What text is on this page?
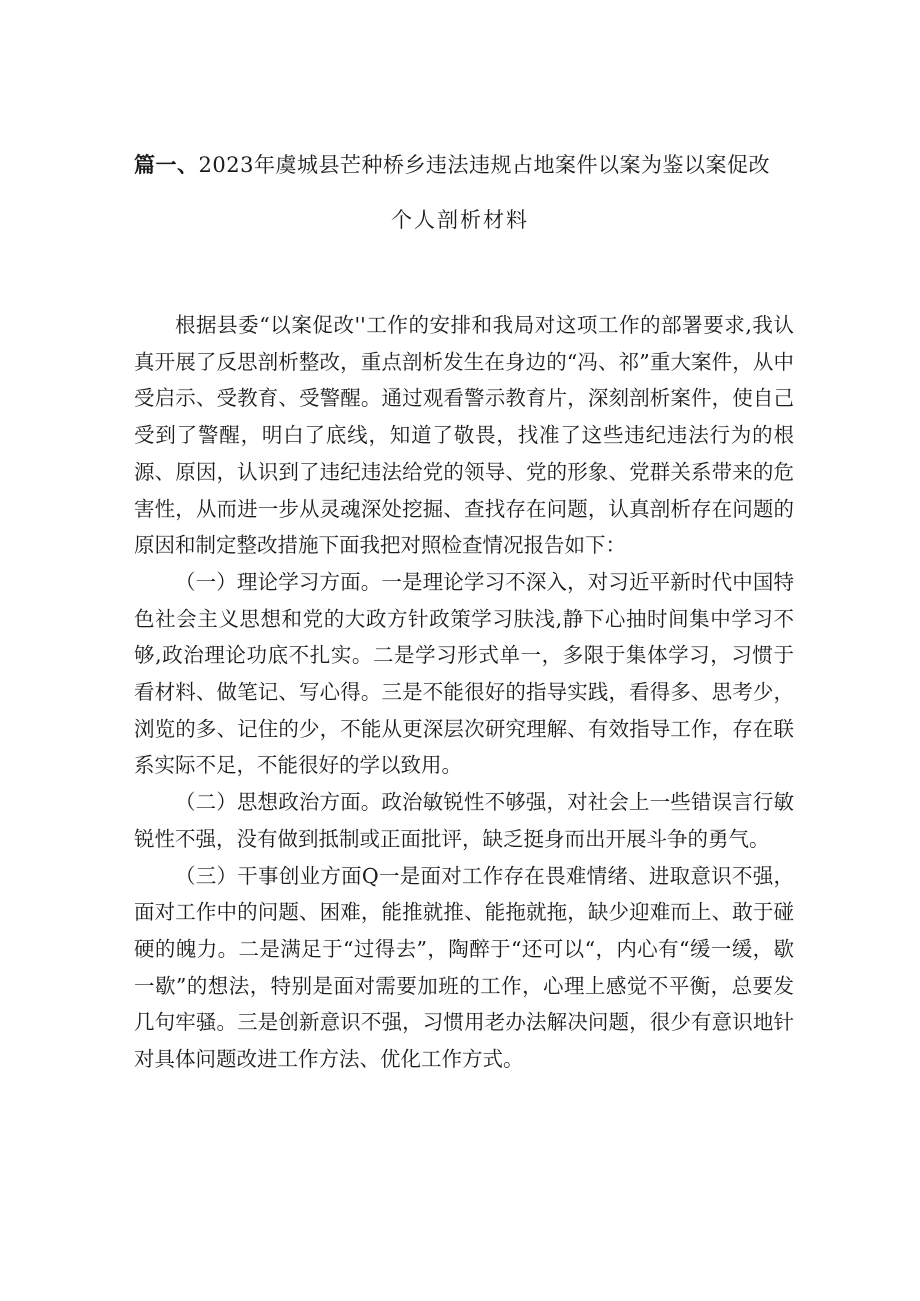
篇一、2023年虞城县芒种桥乡违法违规占地案件以案为鉴以案促改
个人剖析材料

根据县委“以案促改''工作的安排和我局对这项工作的部署要求,我认真开展了反思剖析整改，重点剖析发生在身边的“冯、祁”重大案件，从中受启示、受教育、受警醒。通过观看警示教育片，深刻剖析案件，使自己受到了警醒，明白了底线，知道了敬畏，找准了这些违纪违法行为的根源、原因，认识到了违纪违法给党的领导、党的形象、党群关系带来的危害性，从而进一步从灵魂深处挖掘、查找存在问题，认真剖析存在问题的原因和制定整改措施下面我把对照检查情况报告如下：

（一）理论学习方面。一是理论学习不深入，对习近平新时代中国特色社会主义思想和党的大政方针政策学习肤浅,静下心抽时间集中学习不够,政治理论功底不扎实。二是学习形式单一，多限于集体学习，习惯于看材料、做笔记、写心得。三是不能很好的指导实践，看得多、思考少，浏览的多、记住的少，不能从更深层次研究理解、有效指导工作，存在联系实际不足，不能很好的学以致用。

（二）思想政治方面。政治敏锐性不够强，对社会上一些错误言行敏锐性不强，没有做到抵制或正面批评，缺乏挺身而出开展斗争的勇气。

（三）干事创业方面Q一是面对工作存在畏难情绪、进取意识不强，面对工作中的问题、困难，能推就推、能拖就拖，缺少迎难而上、敢于碰硬的魄力。二是满足于“过得去”，陶醉于“还可以“，内心有“缓一缓，歇一歇”的想法，特别是面对需要加班的工作，心理上感觉不平衡，总要发几句牢骚。三是创新意识不强，习惯用老办法解决问题，很少有意识地针对具体问题改进工作方法、优化工作方式。
